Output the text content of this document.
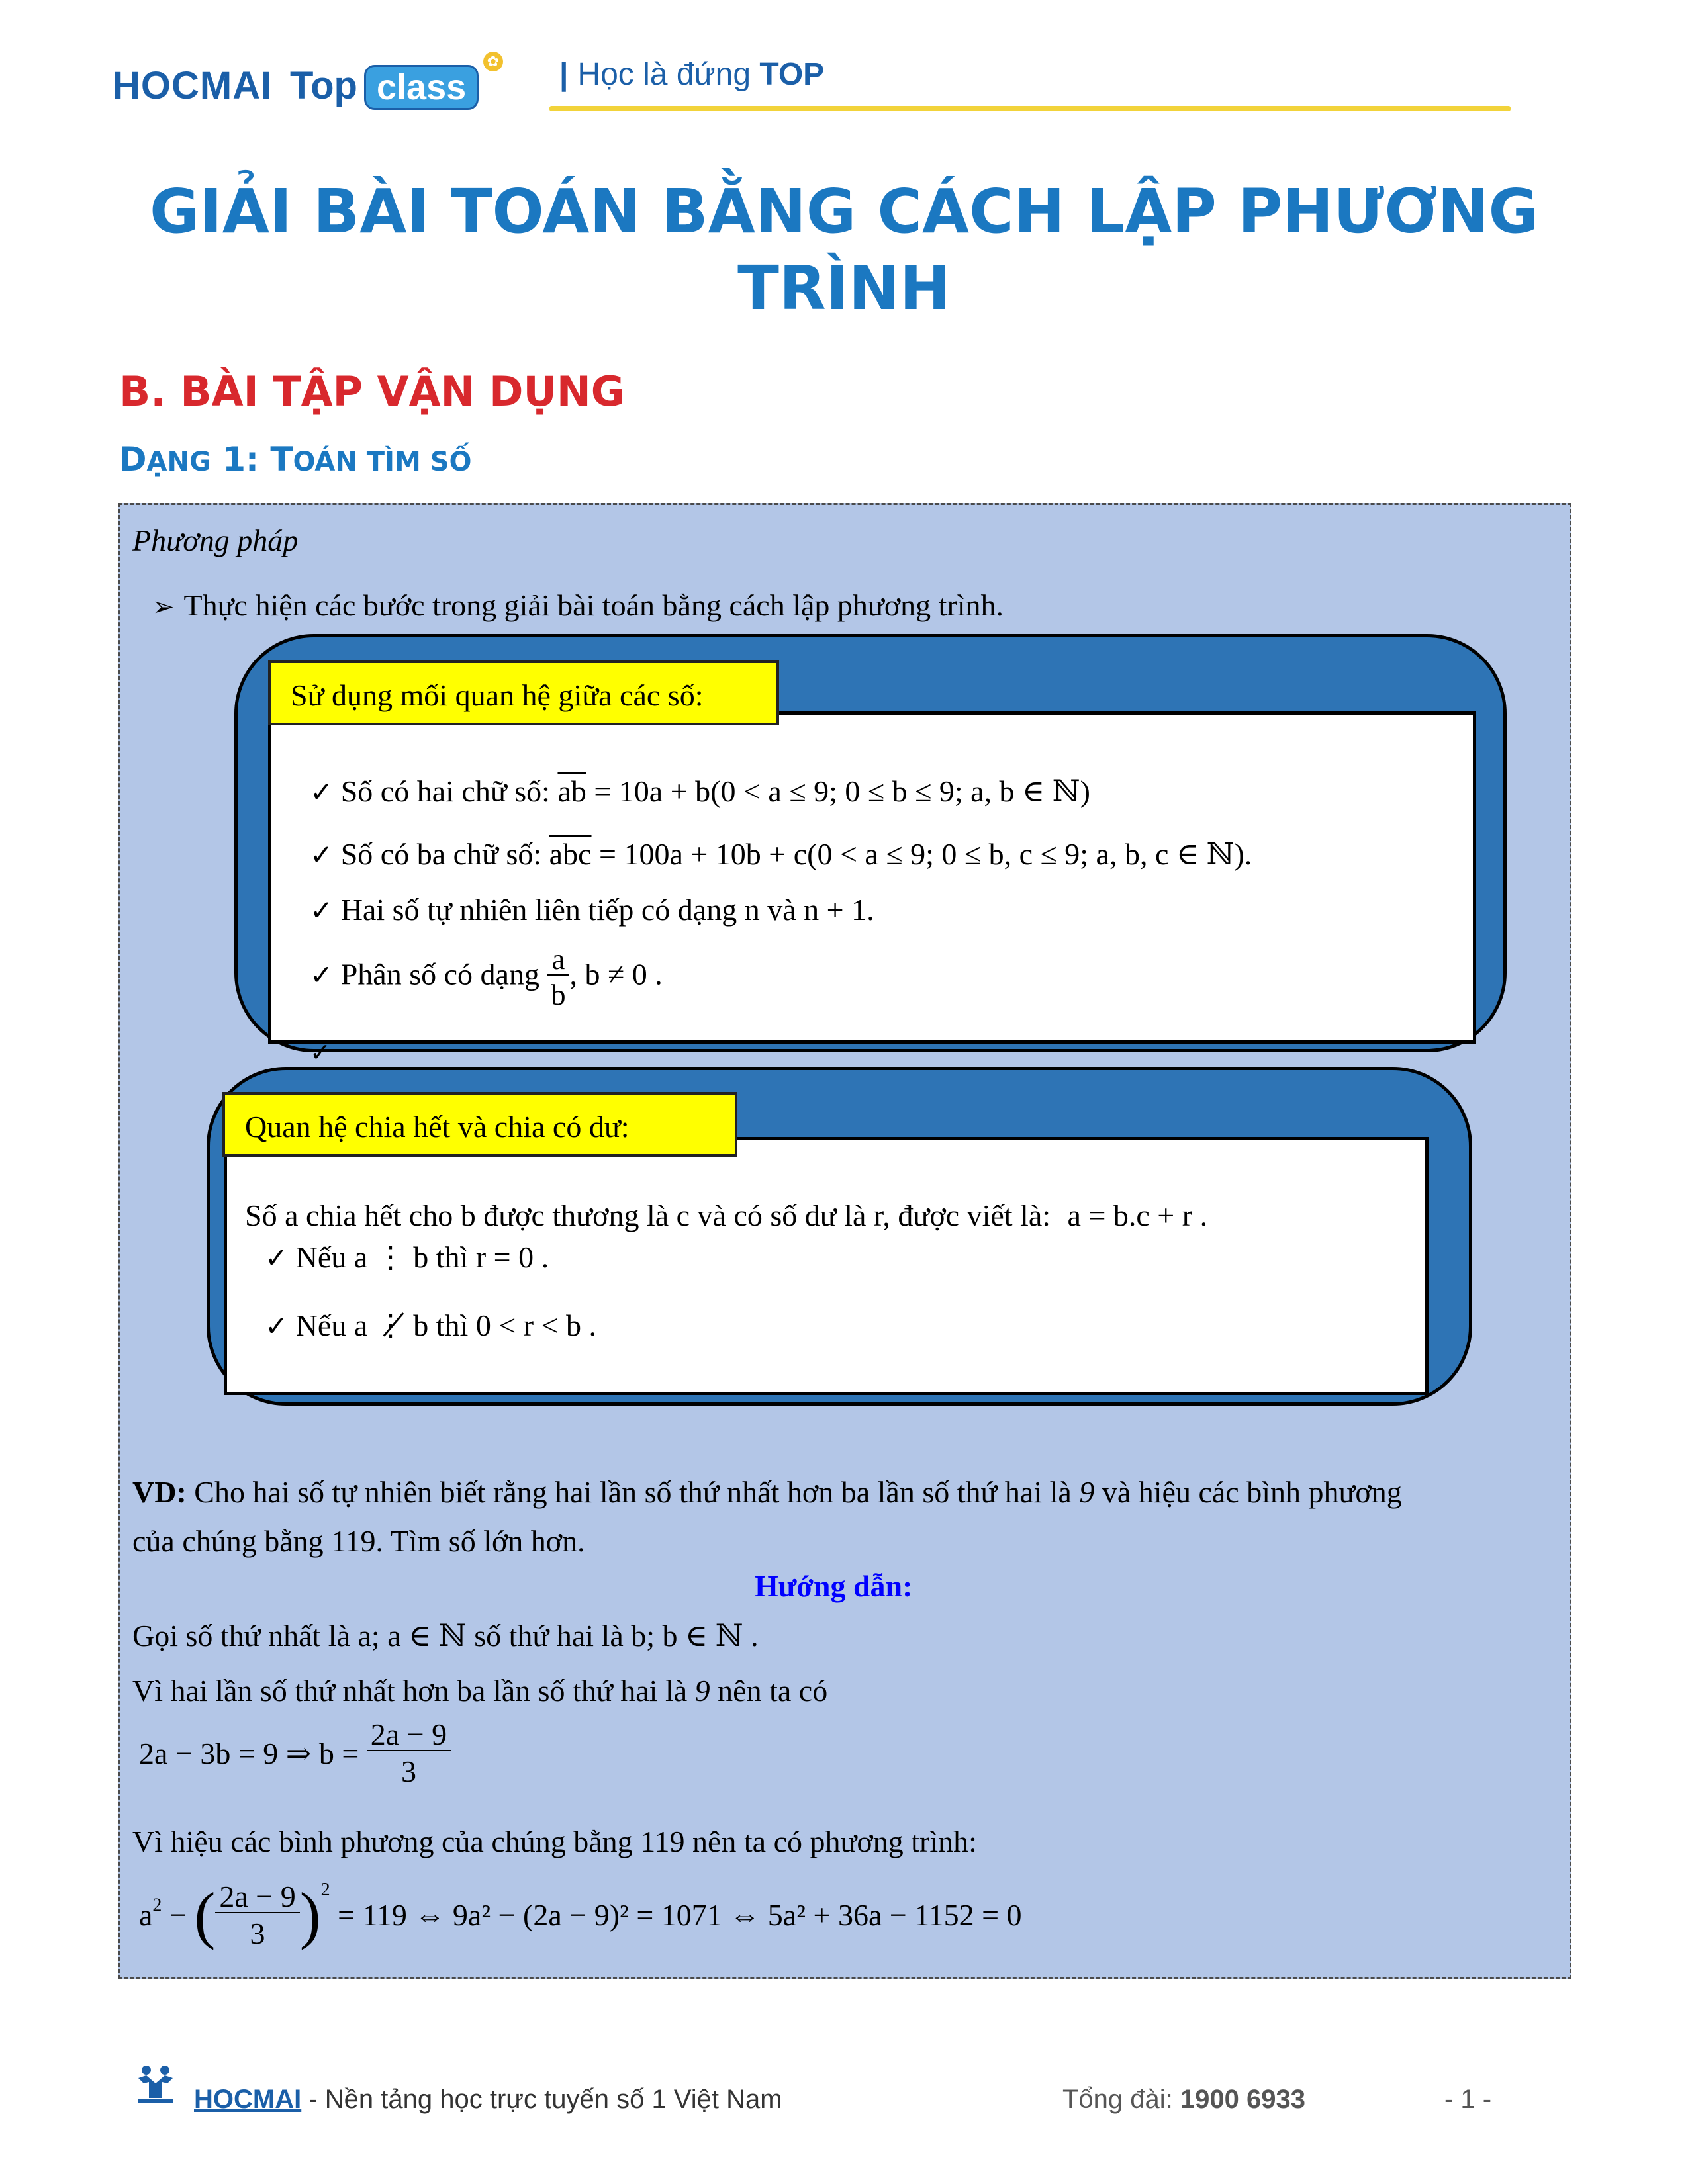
HOCMAI Top class
✿ | Học là đứng TOP
GIẢI BÀI TOÁN BẰNG CÁCH LẬP PHƯƠNG TRÌNH
B. BÀI TẬP VẬN DỤNG
DẠNG 1: TOÁN TÌM SỐ
Phương pháp
➢ Thực hiện các bước trong giải bài toán bằng cách lập phương trình.
Sử dụng mối quan hệ giữa các số:
✓ Số có hai chữ số: $\overline{ab} = 10a + b(0 < a \le 9$; 0 ≤ b ≤ 9; a, b ∈ ℕ)
✓ Số có ba chữ số: $\overline{abc} = 100a + 10b + c(0 < a \le 9$; 0 ≤ b, c ≤ 9; a, b, c ∈ ℕ).
✓ Hai số tự nhiên liên tiếp có dạng n và n + 1.
✓ Phân số có dạng $\frac{a}{b}$ , b ≠ 0 .
✓
Quan hệ chia hết và chia có dư:
Số a chia hết cho b được thương là c và có số dư là r, được viết là: a = b.c + r .
✓ Nếu a ⋮ b thì r = 0 .
✓ Nếu a ⋮̸ b thì 0 < r < b .
VD: Cho hai số tự nhiên biết rằng hai lần số thứ nhất hơn ba lần số thứ hai là 9 và hiệu các bình phương
của chúng bằng 119. Tìm số lớn hơn.
Hướng dẫn:
Gọi số thứ nhất là a; a ∈ ℕ số thứ hai là b; b ∈ ℕ .
Vì hai lần số thứ nhất hơn ba lần số thứ hai là 9 nên ta có
2a − 3b = 9 ⇒ $b = \frac{2a - 9}{3}$
Vì hiệu các bình phương của chúng bằng 119 nên ta có phương trình:
$a^2$ − ( $\frac{2a - 9}{3} )^2 = 119$ ⇔ 9a² − (2a − 9)² = 1071 ⇔ 5a² + 36a − 1152 = 0
HOCMAI - Nền tảng học trực tuyến số 1 Việt Nam	Tổng đài: 1900 6933	- 1 -
